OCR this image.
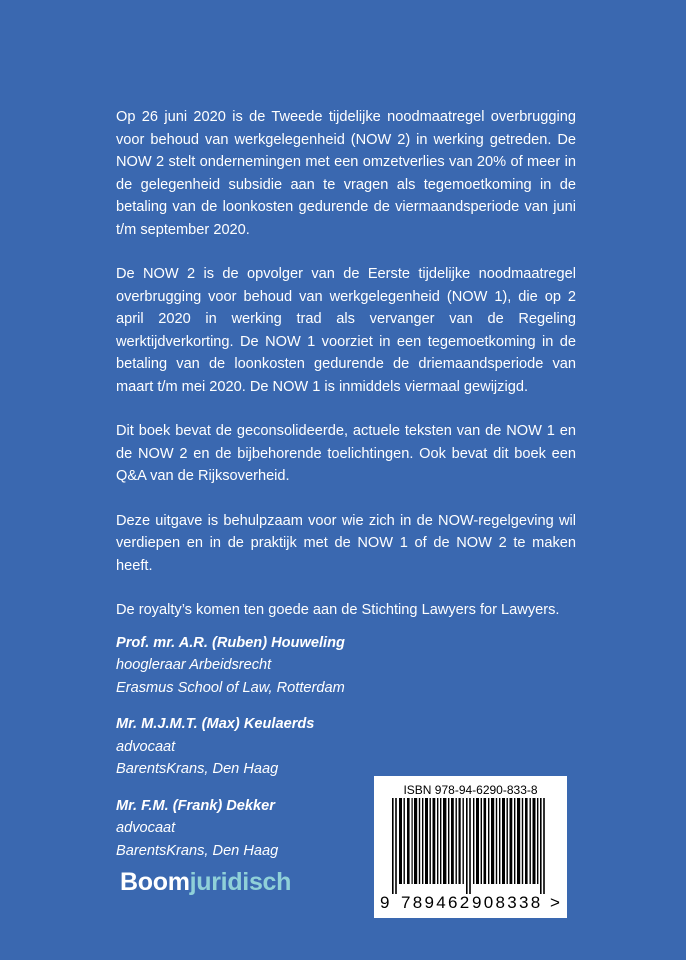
Op 26 juni 2020 is de Tweede tijdelijke noodmaatregel overbrugging voor behoud van werkgelegenheid (NOW 2) in werking getreden. De NOW 2 stelt ondernemingen met een omzetverlies van 20% of meer in de gelegenheid subsidie aan te vragen als tegemoetkoming in de betaling van de loonkosten gedurende de viermaandsperiode van juni t/m september 2020.

De NOW 2 is de opvolger van de Eerste tijdelijke noodmaatregel overbrugging voor behoud van werkgelegenheid (NOW 1), die op 2 april 2020 in werking trad als vervanger van de Regeling werktijdverkorting. De NOW 1 voorziet in een tegemoetkoming in de betaling van de loonkosten gedurende de driemaandsperiode van maart t/m mei 2020. De NOW 1 is inmiddels viermaal gewijzigd.

Dit boek bevat de geconsolideerde, actuele teksten van de NOW 1 en de NOW 2 en de bijbehorende toelichtingen. Ook bevat dit boek een Q&A van de Rijksoverheid.

Deze uitgave is behulpzaam voor wie zich in de NOW-regelgeving wil verdiepen en in de praktijk met de NOW 1 of de NOW 2 te maken heeft.

De royalty’s komen ten goede aan de Stichting Lawyers for Lawyers.

Prof. mr. A.R. (Ruben) Houweling
hoogleraar Arbeidsrecht
Erasmus School of Law, Rotterdam
Mr. M.J.M.T. (Max) Keulaerds
advocaat
BarentsKrans, Den Haag
Mr. F.M. (Frank) Dekker
advocaat
BarentsKrans, Den Haag
ISBN 978-94-6290-833-8
9 789462 908338 >
Boomjuridisch
